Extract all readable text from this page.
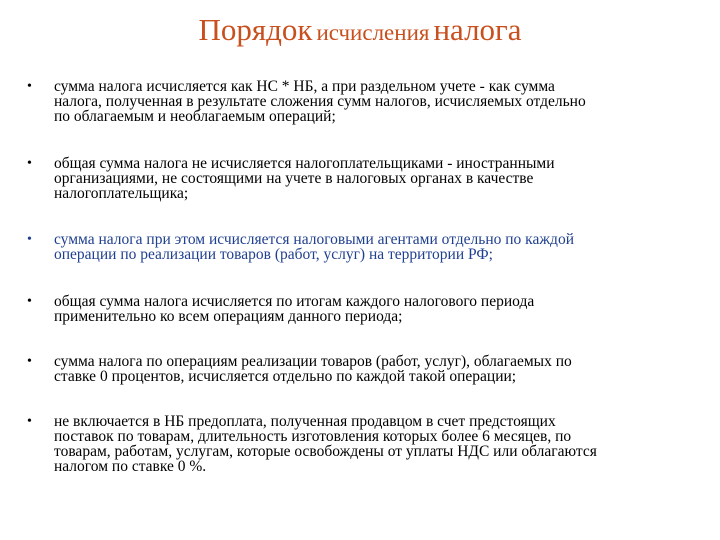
Порядок исчисления налога
• сумма налога исчисляется как НС * НБ, а при раздельном учете - как сумма
налога, полученная в результате сложения сумм налогов, исчисляемых отдельно
по облагаемым и необлагаемым операций;
• общая сумма налога не исчисляется налогоплательщиками - иностранными
организациями, не состоящими на учете в налоговых органах в качестве
налогоплательщика;
• сумма налога при этом исчисляется налоговыми агентами отдельно по каждой
операции по реализации товаров (работ, услуг) на территории РФ;
• общая сумма налога исчисляется по итогам каждого налогового периода
применительно ко всем операциям данного периода;
• сумма налога по операциям реализации товаров (работ, услуг), облагаемых по
ставке 0 процентов, исчисляется отдельно по каждой такой операции;
• не включается в НБ предоплата, полученная продавцом в счет предстоящих
поставок по товарам, длительность изготовления которых более 6 месяцев, по
товарам, работам, услугам, которые освобождены от уплаты НДС или облагаются
налогом по ставке 0 %.
